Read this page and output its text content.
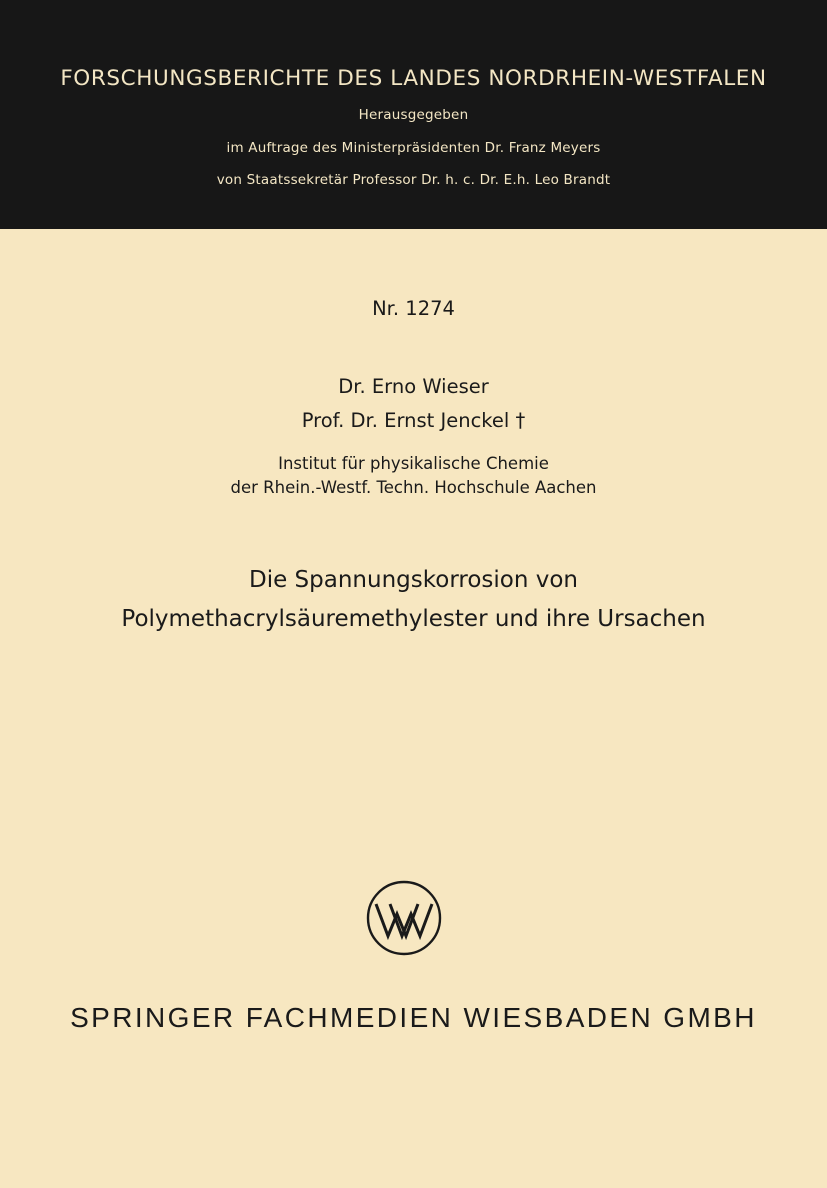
FORSCHUNGSBERICHTE DES LANDES NORDRHEIN-WESTFALEN
Herausgegeben
im Auftrage des Ministerpräsidenten Dr. Franz Meyers
von Staatssekretär Professor Dr. h. c. Dr. E.h. Leo Brandt
Nr. 1274
Dr. Erno Wieser
Prof. Dr. Ernst Jenckel †
Institut für physikalische Chemie
der Rhein.-Westf. Techn. Hochschule Aachen
Die Spannungskorrosion von
Polymethacrylsäuremethylester und ihre Ursachen
SPRINGER FACHMEDIEN WIESBADEN GMBH
